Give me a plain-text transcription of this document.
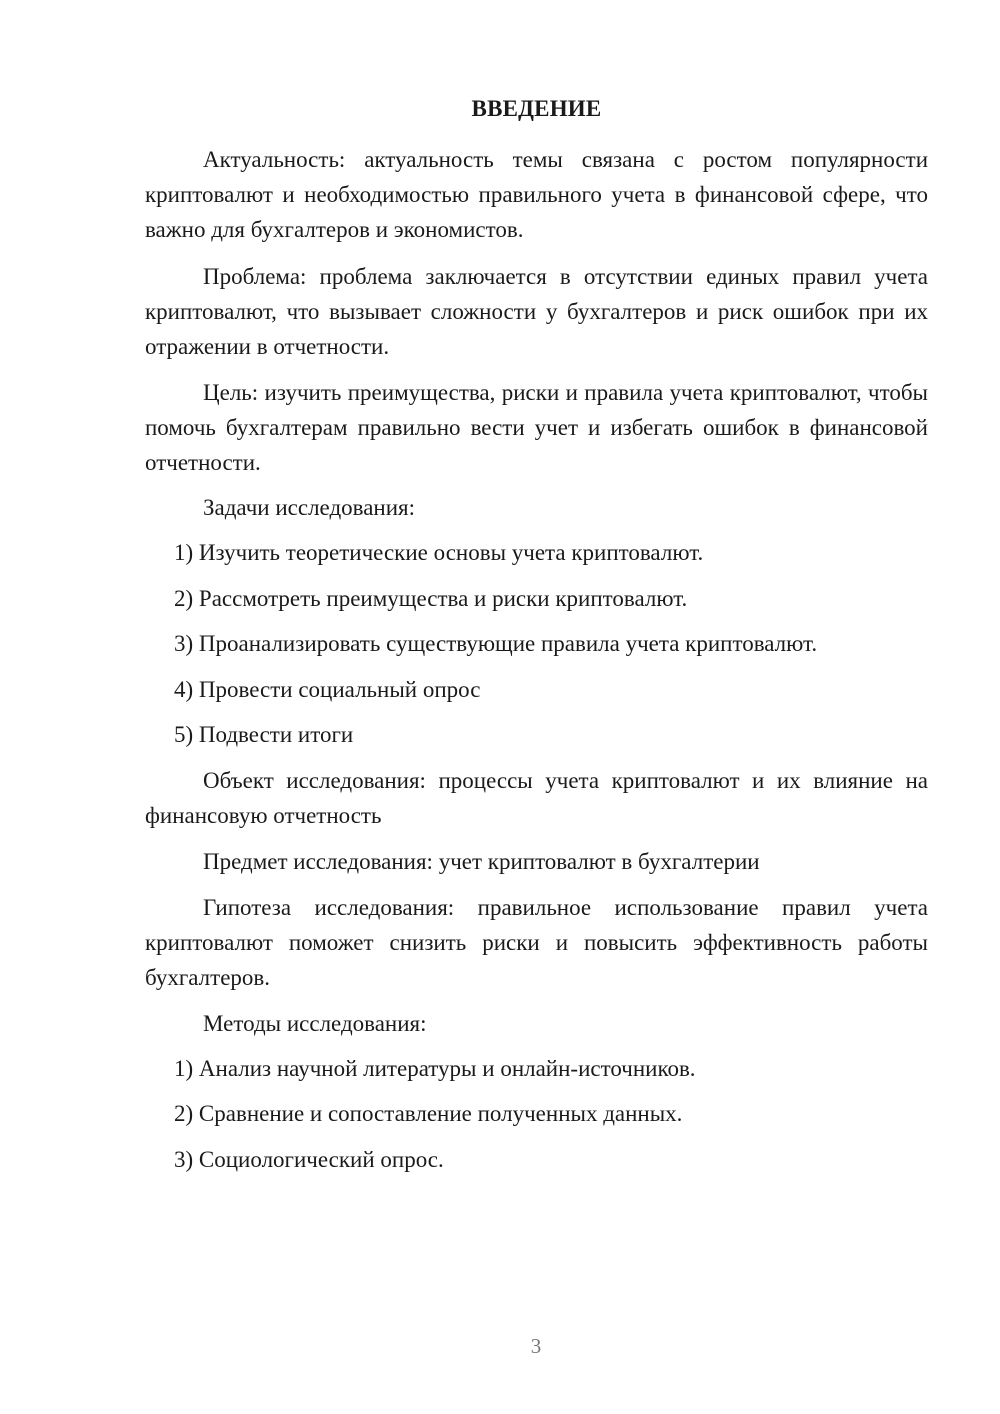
ВВЕДЕНИЕ
Актуальность: актуальность темы связана с ростом популярности криптовалют и необходимостью правильного учета в финансовой сфере, что важно для бухгалтеров и экономистов.
Проблема: проблема заключается в отсутствии единых правил учета криптовалют, что вызывает сложности у бухгалтеров и риск ошибок при их отражении в отчетности.
Цель: изучить преимущества, риски и правила учета криптовалют, чтобы помочь бухгалтерам правильно вести учет и избегать ошибок в финансовой отчетности.
Задачи исследования:
1) Изучить теоретические основы учета криптовалют.
2) Рассмотреть преимущества и риски криптовалют.
3) Проанализировать существующие правила учета криптовалют.
4) Провести социальный опрос
5) Подвести итоги
Объект исследования: процессы учета криптовалют и их влияние на финансовую отчетность
Предмет исследования: учет криптовалют в бухгалтерии
Гипотеза исследования: правильное использование правил учета криптовалют поможет снизить риски и повысить эффективность работы бухгалтеров.
Методы исследования:
1) Анализ научной литературы и онлайн-источников.
2) Сравнение и сопоставление полученных данных.
3) Социологический опрос.
3
